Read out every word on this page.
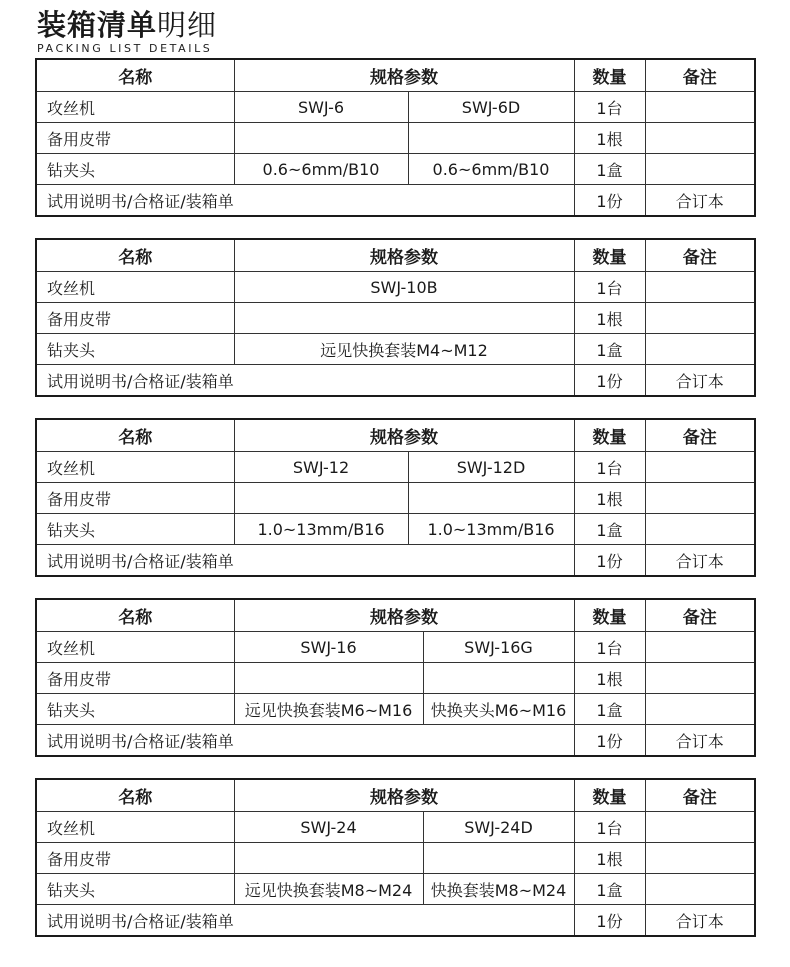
装箱清单明细
PACKING LIST DETAILS
名称	规格参数		数量	备注
攻丝机	SWJ-6	SWJ-6D	1台	
备用皮带			1根	
钻夹头	0.6~6mm/B10	0.6~6mm/B10	1盒	
试用说明书/合格证/装箱单			1份	合订本
名称	规格参数	数量	备注
攻丝机	SWJ-10B	1台	
备用皮带		1根	
钻夹头	远见快换套装M4~M12	1盒	
试用说明书/合格证/装箱单		1份	合订本
名称	规格参数		数量	备注
攻丝机	SWJ-12	SWJ-12D	1台	
备用皮带			1根	
钻夹头	1.0~13mm/B16	1.0~13mm/B16	1盒	
试用说明书/合格证/装箱单			1份	合订本
名称	规格参数		数量	备注
攻丝机	SWJ-16	SWJ-16G	1台	
备用皮带			1根	
钻夹头	远见快换套装M6~M16	快换夹头M6~M16	1盒	
试用说明书/合格证/装箱单			1份	合订本
名称	规格参数		数量	备注
攻丝机	SWJ-24	SWJ-24D	1台	
备用皮带			1根	
钻夹头	远见快换套装M8~M24	快换套装M8~M24	1盒	
试用说明书/合格证/装箱单			1份	合订本
